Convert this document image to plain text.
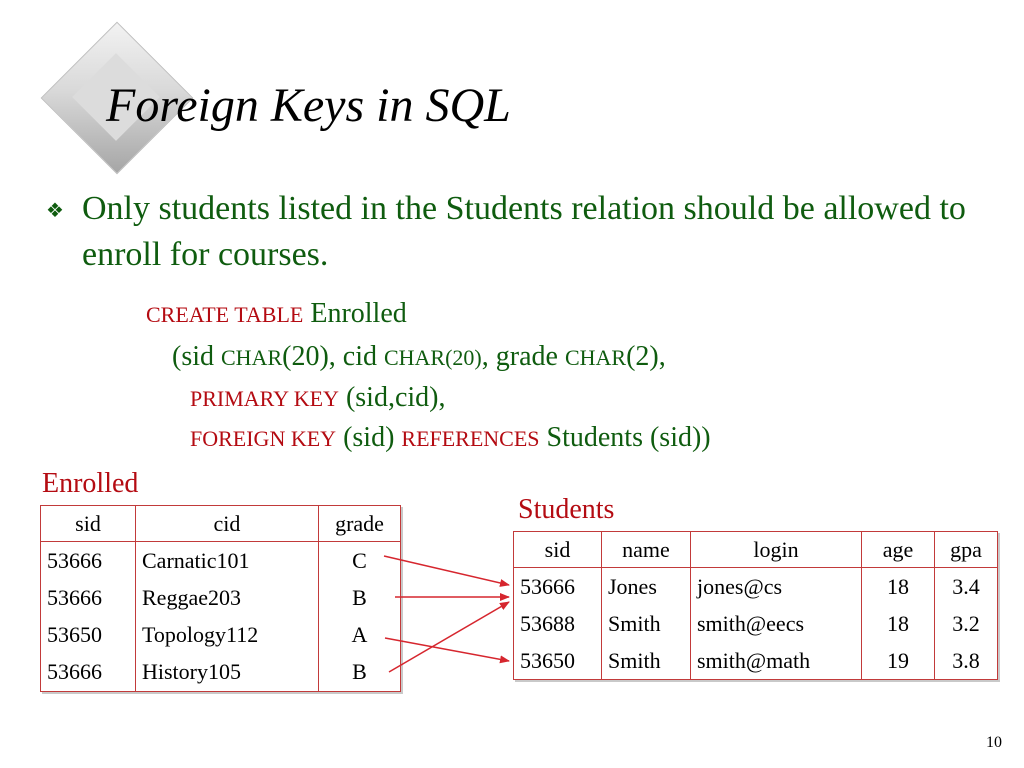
Foreign Keys in SQL
❖ Only students listed in the Students relation should be allowed to enroll for courses.
CREATE TABLE Enrolled
(sid CHAR(20), cid CHAR(20), grade CHAR(2),
PRIMARY KEY (sid,cid),
FOREIGN KEY (sid) REFERENCES Students (sid))
Enrolled
sid	cid	grade
53666	Carnatic101	C
53666	Reggae203	B
53650	Topology112	A
53666	History105	B
Students
sid	name	login	age	gpa
53666	Jones	jones@cs	18	3.4
53688	Smith	smith@eecs	18	3.2
53650	Smith	smith@math	19	3.8
10
